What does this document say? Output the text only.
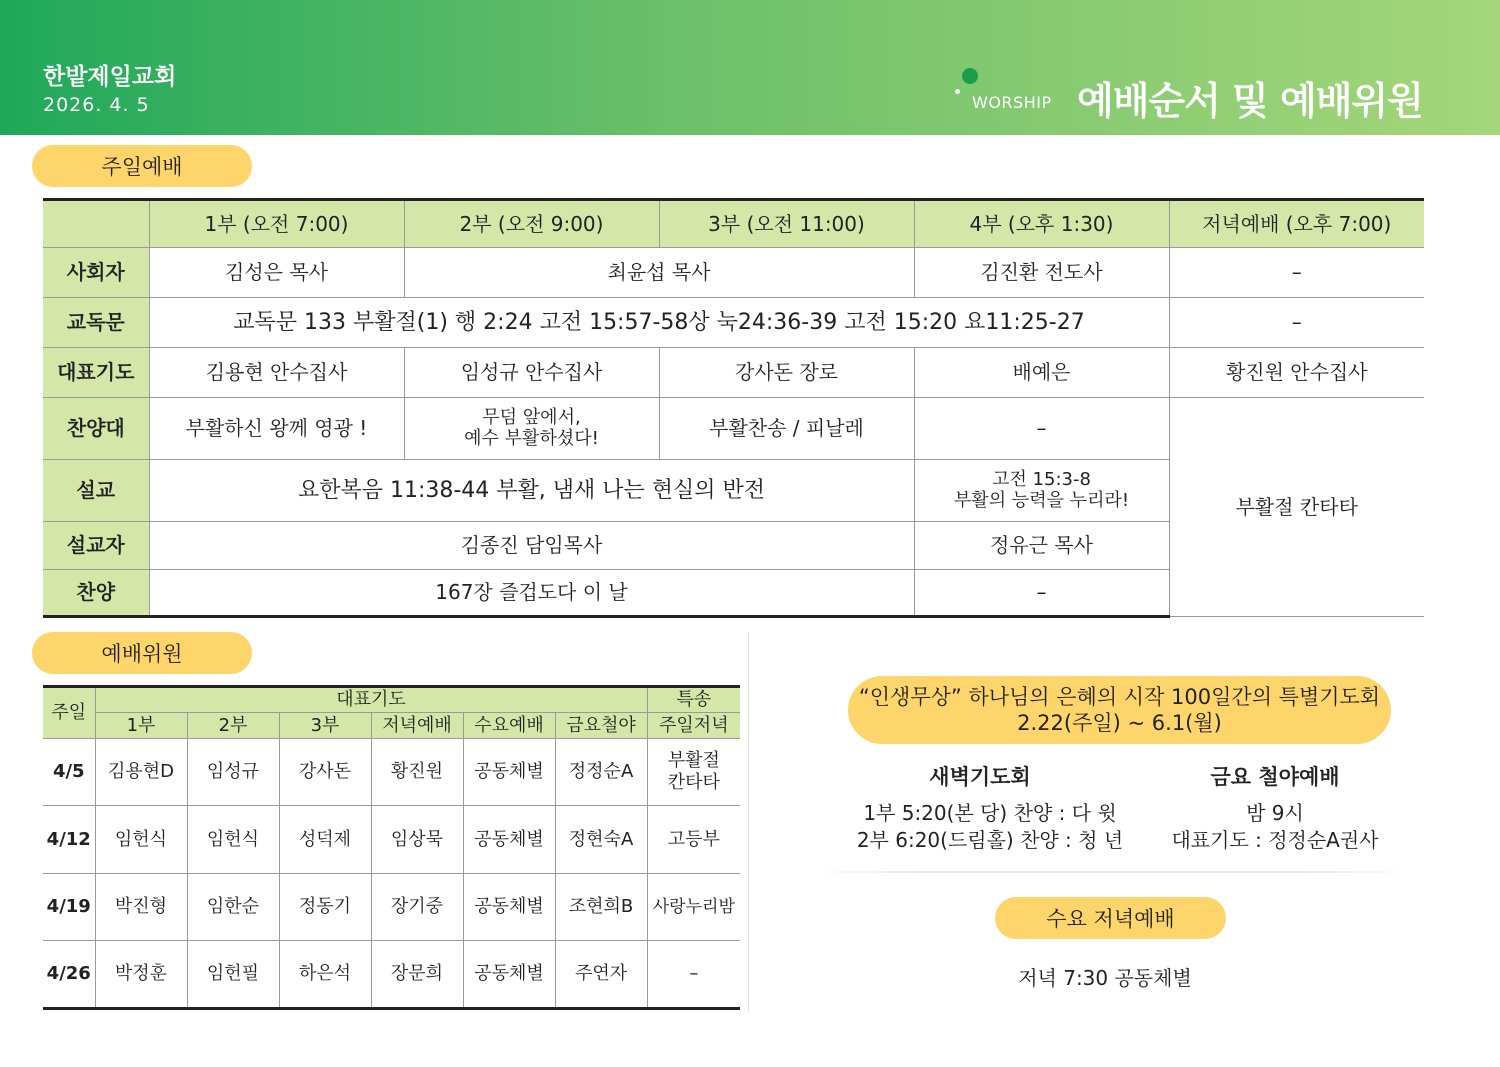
한밭제일교회
2026. 4. 5	WORSHIP 예배순서 및 예배위원
주일예배
	1부 (오전 7:00)	2부 (오전 9:00)	3부 (오전 11:00)	4부 (오후 1:30)	저녁예배 (오후 7:00)
사회자	김성은 목사	최윤섭 목사		김진환 전도사	–
교독문	교독문 133 부활절(1) 행 2:24 고전 15:57-58상 눅24:36-39 고전 15:20 요11:25-27				–
대표기도	김용현 안수집사	임성규 안수집사	강사돈 장로	배예은	황진원 안수집사
찬양대	부활하신 왕께 영광 !	무덤 앞에서,
예수 부활하셨다!	부활찬송 / 피날레	–	부활절 칸타타
설교	요한복음 11:38-44 부활, 냄새 나는 현실의 반전			고전 15:3-8
부활의 능력을 누리라!	

설교자	김종진 담임목사			정유근 목사	
찬양	167장 즐겁도다 이 날			–	
예배위원
주일	대표기도						특송
	1부	2부	3부	저녁예배	수요예배	금요철야	주일저녁
4/5	김용현D	임성규	강사돈	황진원	공동체별	정정순A	부활절
칸타타

4/12	임헌식	임헌식	성덕제	임상묵	공동체별	정현숙A	고등부
4/19	박진형	임한순	정동기	장기중	공동체별	조현희B	사랑누리밤
4/26	박정훈	임헌필	하은석	장문희	공동체별	주연자	–
“인생무상” 하나님의 은혜의 시작 100일간의 특별기도회
2.22(주일) ~ 6.1(월)
새벽기도회
1부 5:20(본 당) 찬양 : 다 윗
2부 6:20(드림홀) 찬양 : 청 년
금요 철야예배
밤 9시
대표기도 : 정정순A권사
수요 저녁예배
저녁 7:30 공동체별
